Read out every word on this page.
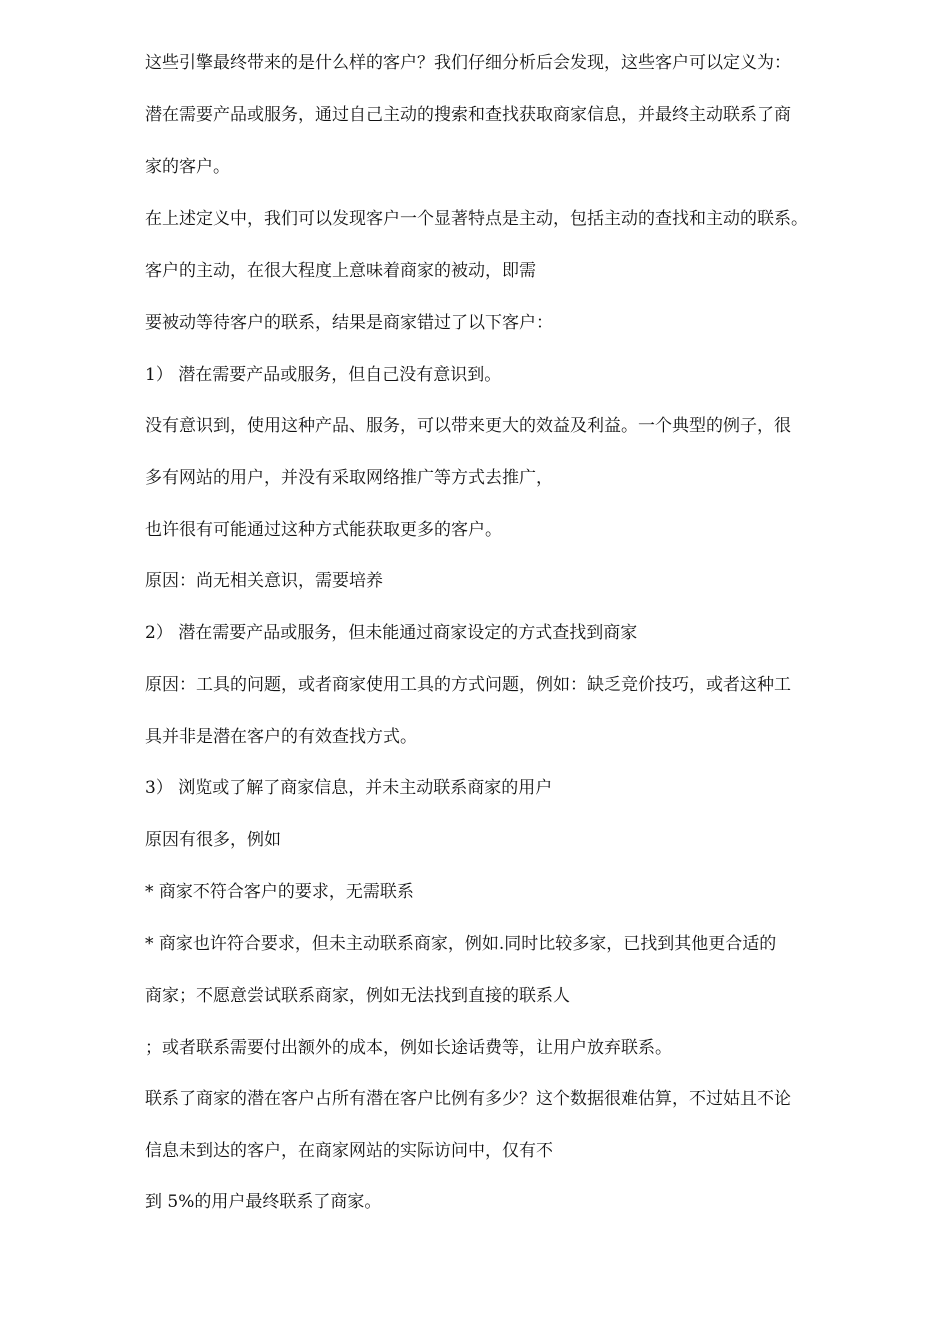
这些引擎最终带来的是什么样的客户？我们仔细分析后会发现，这些客户可以定义为：
潜在需要产品或服务，通过自己主动的搜索和查找获取商家信息，并最终主动联系了商
家的客户。
在上述定义中，我们可以发现客户一个显著特点是主动，包括主动的查找和主动的联系。
客户的主动，在很大程度上意味着商家的被动，即需
要被动等待客户的联系，结果是商家错过了以下客户：
1） 潜在需要产品或服务，但自己没有意识到。
没有意识到，使用这种产品、服务，可以带来更大的效益及利益。一个典型的例子，很
多有网站的用户，并没有采取网络推广等方式去推广，
也许很有可能通过这种方式能获取更多的客户。
原因：尚无相关意识，需要培养
2） 潜在需要产品或服务，但未能通过商家设定的方式查找到商家
原因：工具的问题，或者商家使用工具的方式问题，例如：缺乏竞价技巧，或者这种工
具并非是潜在客户的有效查找方式。
3） 浏览或了解了商家信息，并未主动联系商家的用户
原因有很多，例如
* 商家不符合客户的要求，无需联系
* 商家也许符合要求，但未主动联系商家，例如.同时比较多家，已找到其他更合适的
商家；不愿意尝试联系商家，例如无法找到直接的联系人
；或者联系需要付出额外的成本，例如长途话费等，让用户放弃联系。
联系了商家的潜在客户占所有潜在客户比例有多少？这个数据很难估算，不过姑且不论
信息未到达的客户，在商家网站的实际访问中，仅有不
到 5%的用户最终联系了商家。
